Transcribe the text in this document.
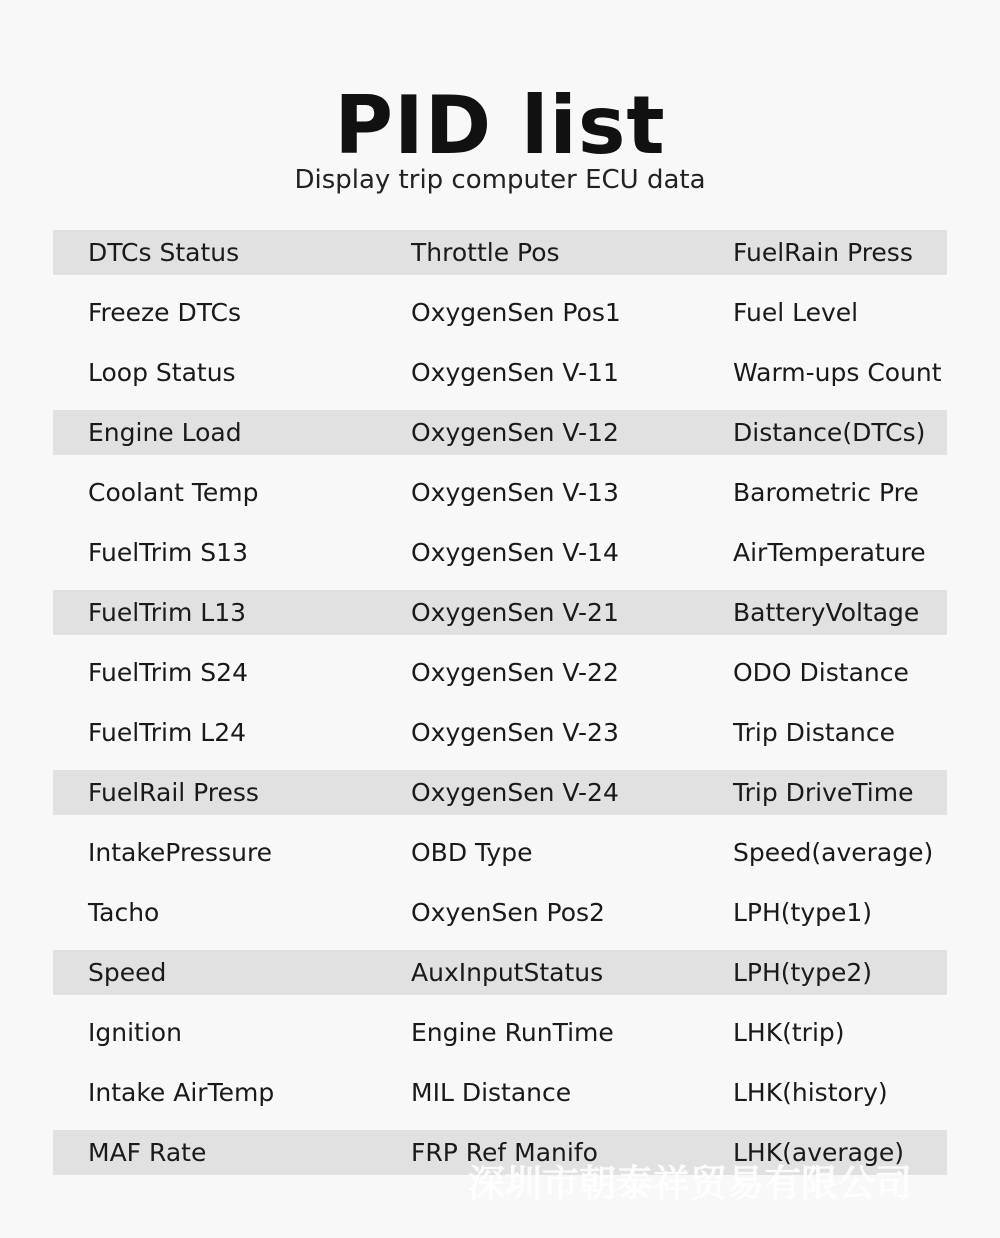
PID list
Display trip computer ECU data
DTCs Status	Throttle Pos	FuelRain Press
Freeze DTCs	OxygenSen Pos1	Fuel Level
Loop Status	OxygenSen V-11	Warm-ups Count
Engine Load	OxygenSen V-12	Distance(DTCs)
Coolant Temp	OxygenSen V-13	Barometric Pre
FuelTrim S13	OxygenSen V-14	AirTemperature
FuelTrim L13	OxygenSen V-21	BatteryVoltage
FuelTrim S24	OxygenSen V-22	ODO Distance
FuelTrim L24	OxygenSen V-23	Trip Distance
FuelRail Press	OxygenSen V-24	Trip DriveTime
IntakePressure	OBD Type	Speed(average)
Tacho	OxyenSen Pos2	LPH(type1)
Speed	AuxInputStatus	LPH(type2)
Ignition	Engine RunTime	LHK(trip)
Intake AirTemp	MIL Distance	LHK(history)
MAF Rate	FRP Ref Manifo	LHK(average)
深圳市朝泰祥贸易有限公司
